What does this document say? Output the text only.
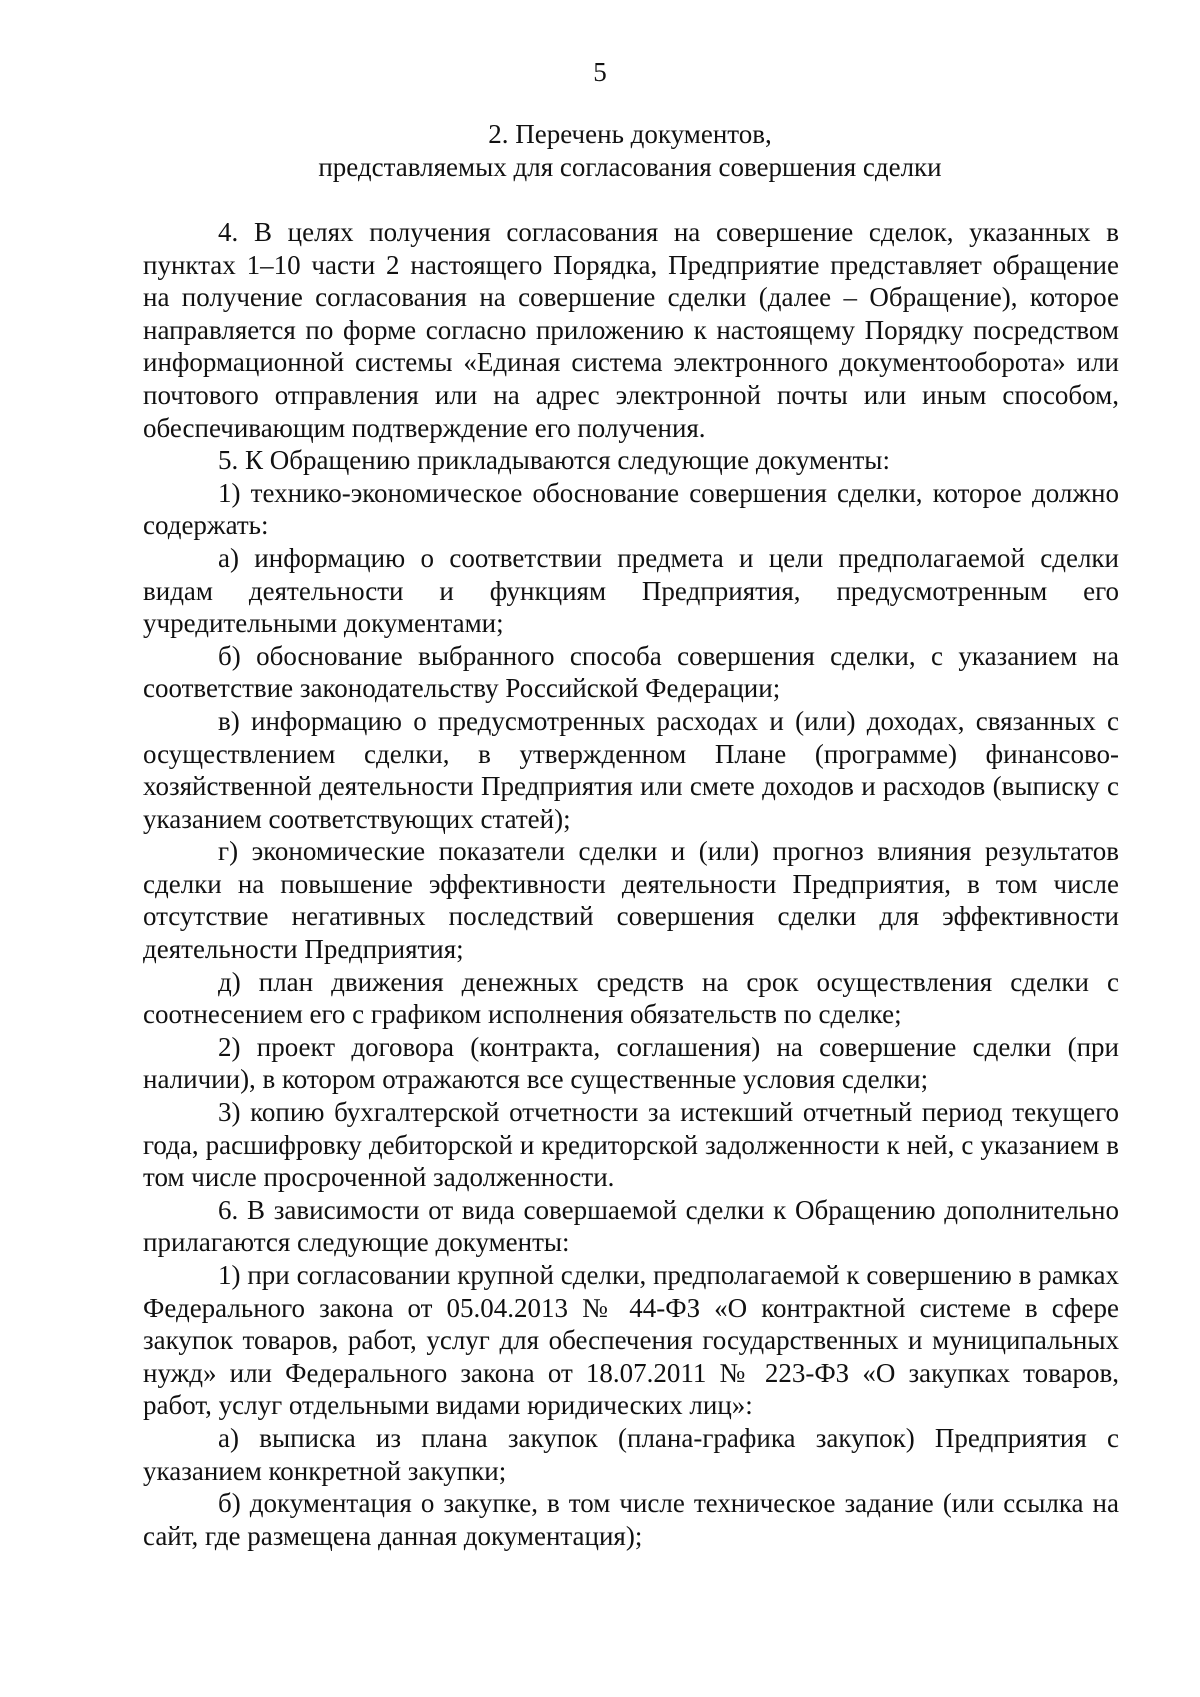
5
2. Перечень документов,
представляемых для согласования совершения сделки

4. В целях получения согласования на совершение сделок, указанных в пунктах 1–10 части 2 настоящего Порядка, Предприятие представляет обращение на получение согласования на совершение сделки (далее – Обращение), которое направляется по форме согласно приложению к настоящему Порядку посредством информационной системы «Единая система электронного документооборота» или почтового отправления или на адрес электронной почты или иным способом, обеспечивающим подтверждение его получения.

5. К Обращению прикладываются следующие документы:

1) технико-экономическое обоснование совершения сделки, которое должно содержать:

а) информацию о соответствии предмета и цели предполагаемой сделки видам деятельности и функциям Предприятия, предусмотренным его учредительными документами;

б) обоснование выбранного способа совершения сделки, с указанием на соответствие законодательству Российской Федерации;

в) информацию о предусмотренных расходах и (или) доходах, связанных с осуществлением сделки, в утвержденном Плане (программе) финансово-хозяйственной деятельности Предприятия или смете доходов и расходов (выписку с указанием соответствующих статей);

г) экономические показатели сделки и (или) прогноз влияния результатов сделки на повышение эффективности деятельности Предприятия, в том числе отсутствие негативных последствий совершения сделки для эффективности деятельности Предприятия;

д) план движения денежных средств на срок осуществления сделки с соотнесением его с графиком исполнения обязательств по сделке;

2) проект договора (контракта, соглашения) на совершение сделки (при наличии), в котором отражаются все существенные условия сделки;

3) копию бухгалтерской отчетности за истекший отчетный период текущего года, расшифровку дебиторской и кредиторской задолженности к ней, с указанием в том числе просроченной задолженности.

6. В зависимости от вида совершаемой сделки к Обращению дополнительно прилагаются следующие документы:

1) при согласовании крупной сделки, предполагаемой к совершению в рамках Федерального закона от 05.04.2013 № 44-ФЗ «О контрактной системе в сфере закупок товаров, работ, услуг для обеспечения государственных и муниципальных нужд» или Федерального закона от 18.07.2011 № 223-ФЗ «О закупках товаров, работ, услуг отдельными видами юридических лиц»:

а) выписка из плана закупок (плана-графика закупок) Предприятия с указанием конкретной закупки;

б) документация о закупке, в том числе техническое задание (или ссылка на сайт, где размещена данная документация);
